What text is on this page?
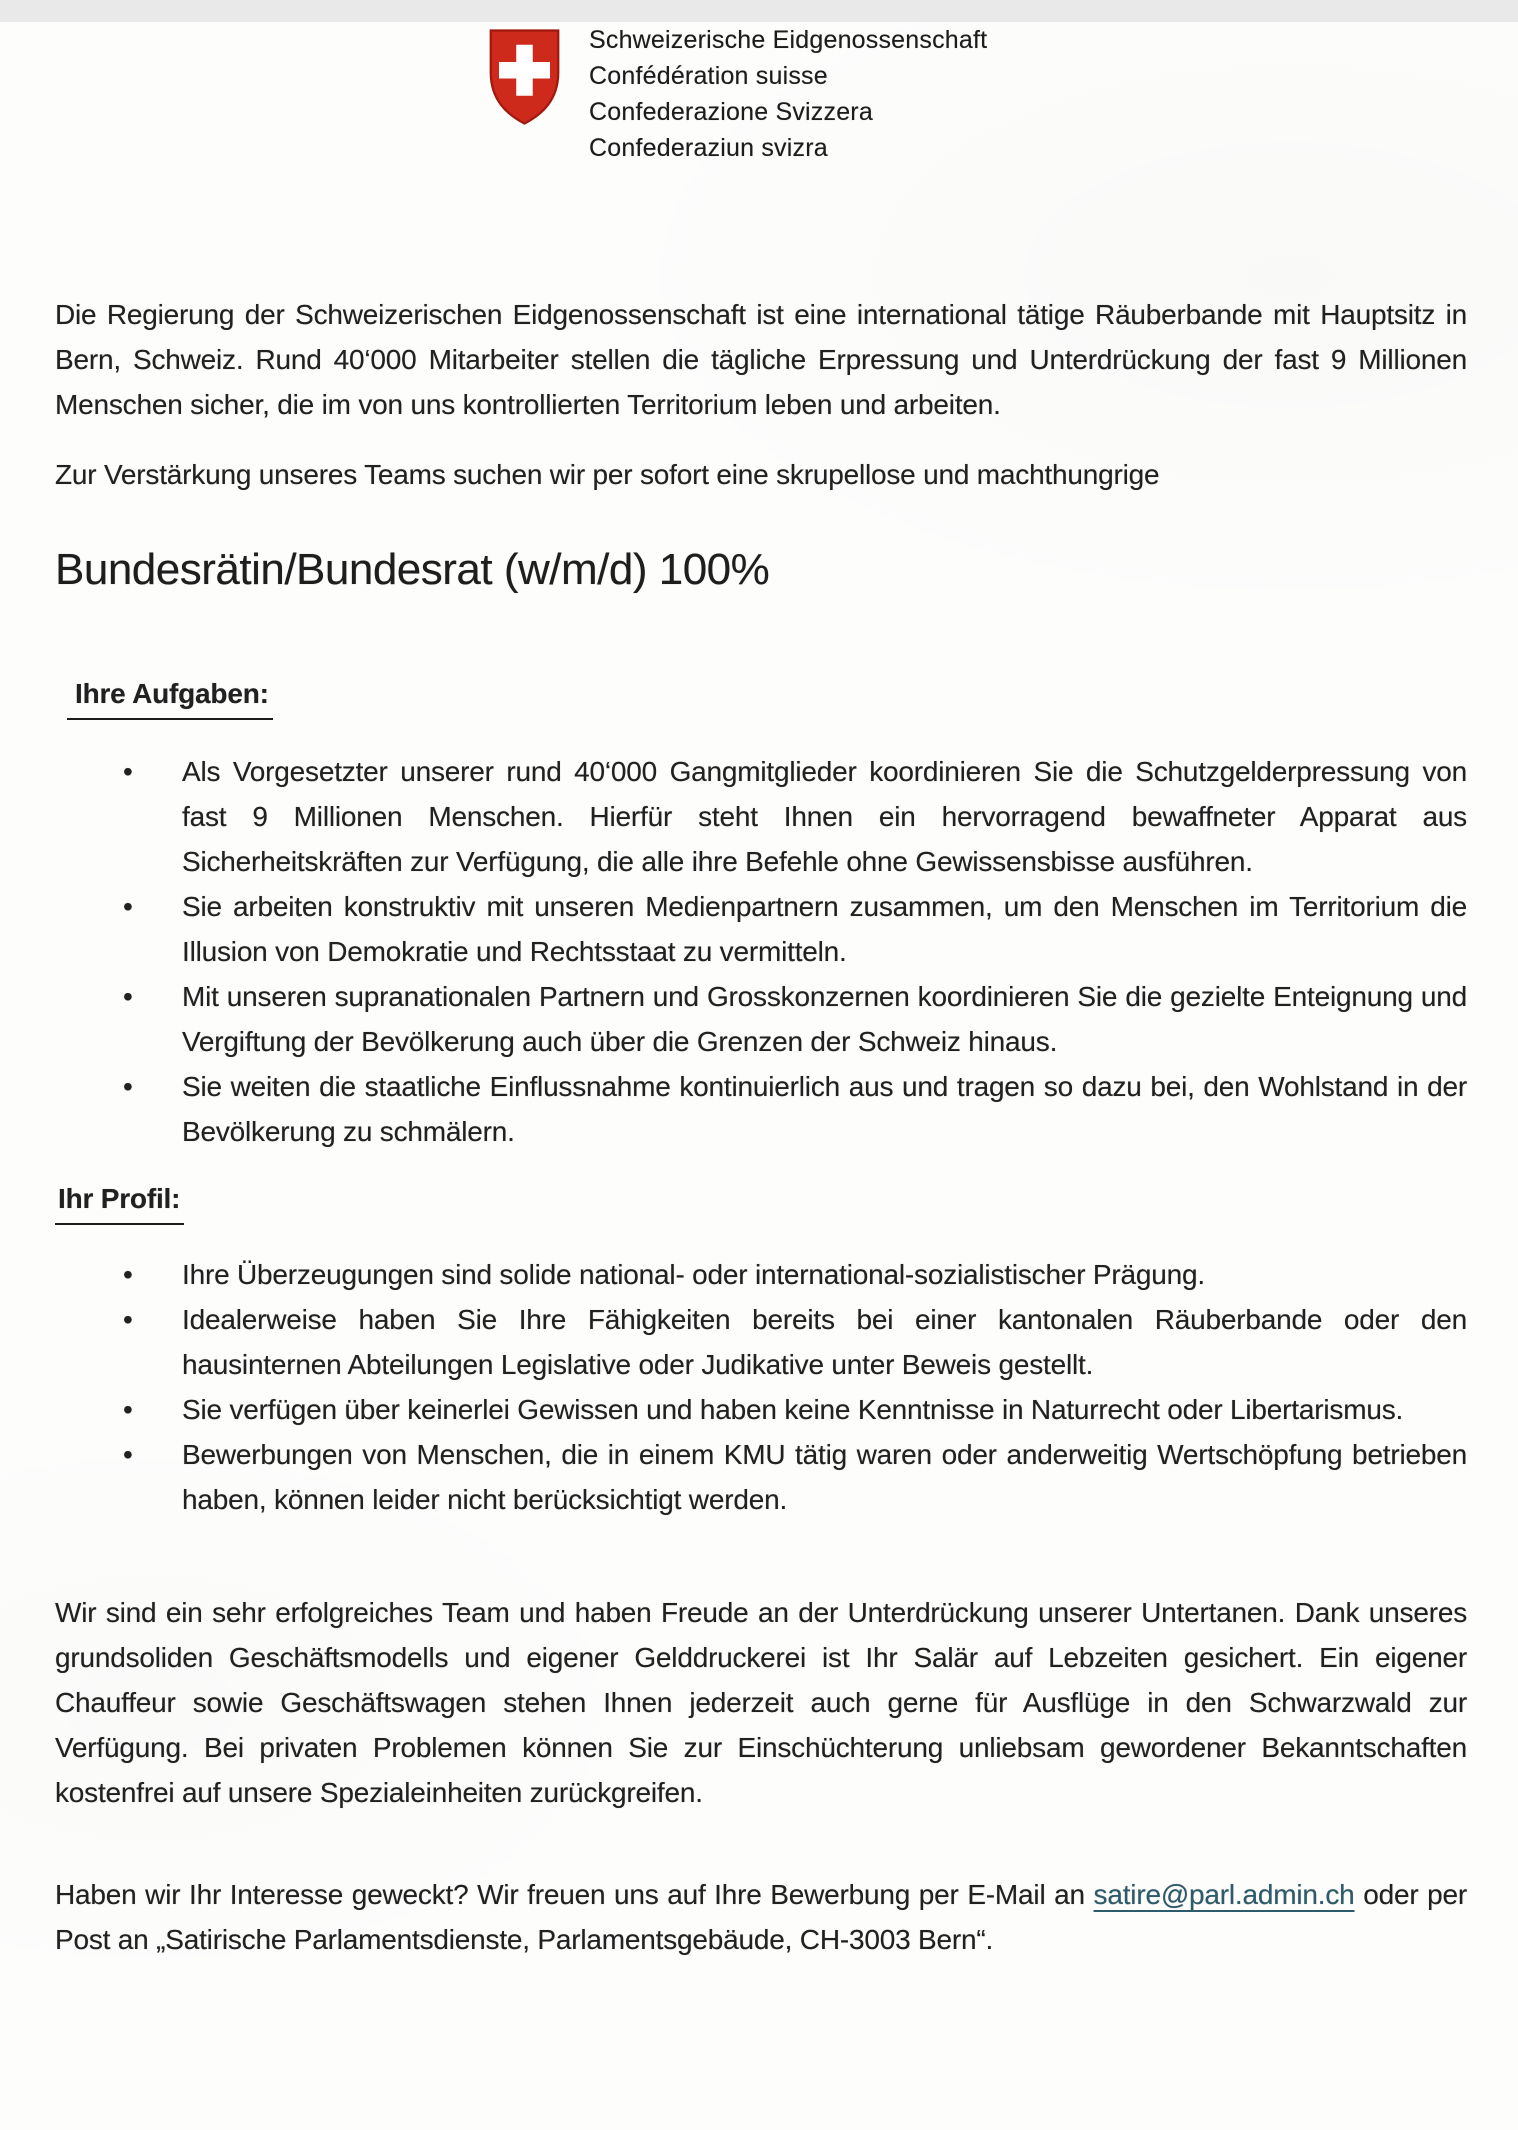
Schweizerische Eidgenossenschaft
Confédération suisse
Confederazione Svizzera
Confederaziun svizra

Die Regierung der Schweizerischen Eidgenossenschaft ist eine international tätige Räuberbande mit Hauptsitz in Bern, Schweiz. Rund 40‘000 Mitarbeiter stellen die tägliche Erpressung und Unterdrückung der fast 9 Millionen Menschen sicher, die im von uns kontrollierten Territorium leben und arbeiten.

Zur Verstärkung unseres Teams suchen wir per sofort eine skrupellose und machthungrige

Bundesrätin/Bundesrat (w/m/d) 100%
Ihre Aufgaben:
• Als Vorgesetzter unserer rund 40‘000 Gangmitglieder koordinieren Sie die Schutzgelderpressung von fast 9 Millionen Menschen. Hierfür steht Ihnen ein hervorragend bewaffneter Apparat aus Sicherheitskräften zur Verfügung, die alle ihre Befehle ohne Gewissensbisse ausführen.
• Sie arbeiten konstruktiv mit unseren Medienpartnern zusammen, um den Menschen im Territorium die Illusion von Demokratie und Rechtsstaat zu vermitteln.
• Mit unseren supranationalen Partnern und Grosskonzernen koordinieren Sie die gezielte Enteignung und Vergiftung der Bevölkerung auch über die Grenzen der Schweiz hinaus.
• Sie weiten die staatliche Einflussnahme kontinuierlich aus und tragen so dazu bei, den Wohlstand in der Bevölkerung zu schmälern.
Ihr Profil:
• Ihre Überzeugungen sind solide national- oder international-sozialistischer Prägung.
• Idealerweise haben Sie Ihre Fähigkeiten bereits bei einer kantonalen Räuberbande oder den hausinternen Abteilungen Legislative oder Judikative unter Beweis gestellt.
• Sie verfügen über keinerlei Gewissen und haben keine Kenntnisse in Naturrecht oder Libertarismus.
• Bewerbungen von Menschen, die in einem KMU tätig waren oder anderweitig Wertschöpfung betrieben haben, können leider nicht berücksichtigt werden.

Wir sind ein sehr erfolgreiches Team und haben Freude an der Unterdrückung unserer Untertanen. Dank unseres grundsoliden Geschäftsmodells und eigener Gelddruckerei ist Ihr Salär auf Lebzeiten gesichert. Ein eigener Chauffeur sowie Geschäftswagen stehen Ihnen jederzeit auch gerne für Ausflüge in den Schwarzwald zur Verfügung. Bei privaten Problemen können Sie zur Einschüchterung unliebsam gewordener Bekanntschaften kostenfrei auf unsere Spezialeinheiten zurückgreifen.

Haben wir Ihr Interesse geweckt? Wir freuen uns auf Ihre Bewerbung per E-Mail an satire@parl.admin.ch oder per Post an „Satirische Parlamentsdienste, Parlamentsgebäude, CH-3003 Bern“.
